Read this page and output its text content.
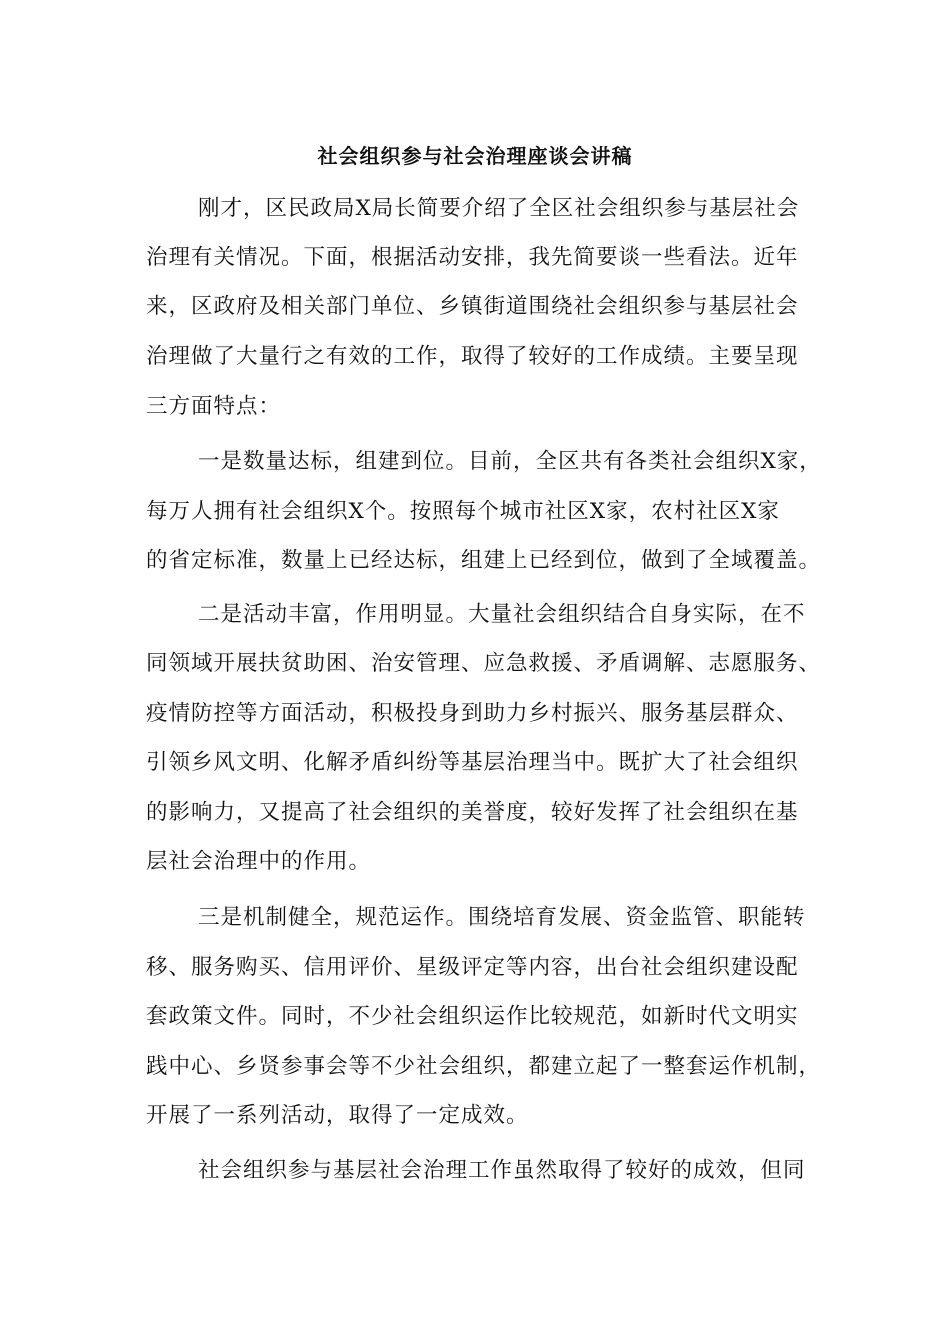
社会组织参与社会治理座谈会讲稿
刚才，区民政局X局长简要介绍了全区社会组织参与基层社会
治理有关情况。下面，根据活动安排，我先简要谈一些看法。近年
来，区政府及相关部门单位、乡镇街道围绕社会组织参与基层社会
治理做了大量行之有效的工作，取得了较好的工作成绩。主要呈现
三方面特点：
一是数量达标，组建到位。目前，全区共有各类社会组织X家，
每万人拥有社会组织X个。按照每个城市社区X家，农村社区X家
的省定标准，数量上已经达标，组建上已经到位，做到了全域覆盖。
二是活动丰富，作用明显。大量社会组织结合自身实际，在不
同领域开展扶贫助困、治安管理、应急救援、矛盾调解、志愿服务、
疫情防控等方面活动，积极投身到助力乡村振兴、服务基层群众、
引领乡风文明、化解矛盾纠纷等基层治理当中。既扩大了社会组织
的影响力，又提高了社会组织的美誉度，较好发挥了社会组织在基
层社会治理中的作用。
三是机制健全，规范运作。围绕培育发展、资金监管、职能转
移、服务购买、信用评价、星级评定等内容，出台社会组织建设配
套政策文件。同时，不少社会组织运作比较规范，如新时代文明实
践中心、乡贤参事会等不少社会组织，都建立起了一整套运作机制，
开展了一系列活动，取得了一定成效。
社会组织参与基层社会治理工作虽然取得了较好的成效，但同
